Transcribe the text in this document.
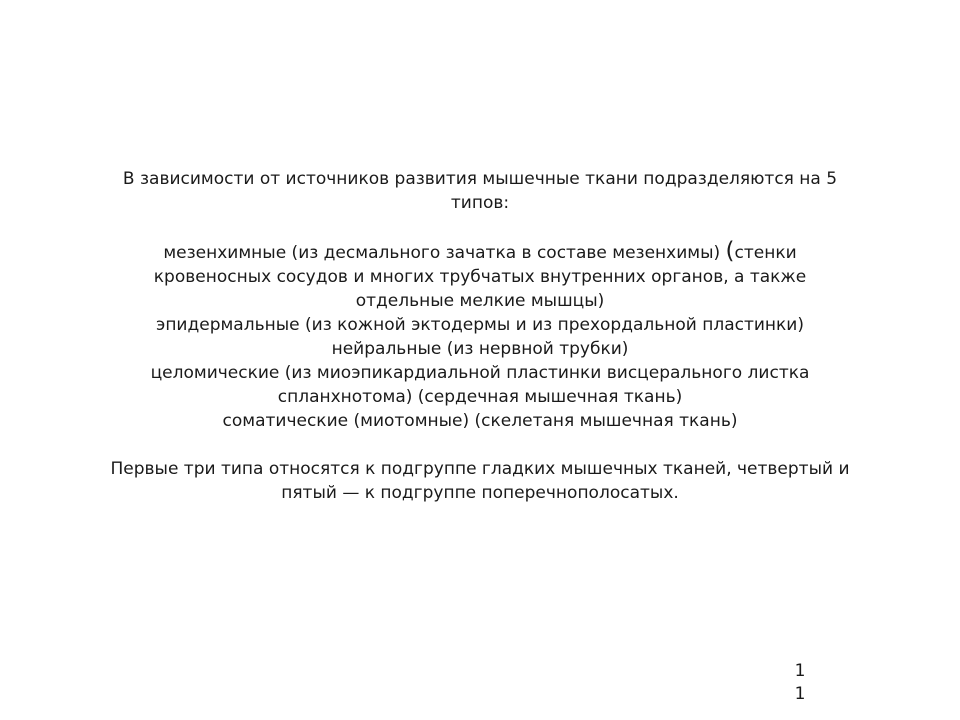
В зависимости от источников развития мышечные ткани подразделяются на 5
типов:
мезенхимные (из десмального зачатка в составе мезенхимы) (стенки
кровеносных сосудов и многих трубчатых внутренних органов, а также
отдельные мелкие мышцы)
эпидермальные (из кожной эктодермы и из прехордальной пластинки)
нейральные (из нервной трубки)
целомические (из миоэпикардиальной пластинки висцерального листка
спланхнотома) (сердечная мышечная ткань)
соматические (миотомные) (скелетаня мышечная ткань)
Первые три типа относятся к подгруппе гладких мышечных тканей, четвертый и
пятый — к подгруппе поперечнополосатых.
1
1
